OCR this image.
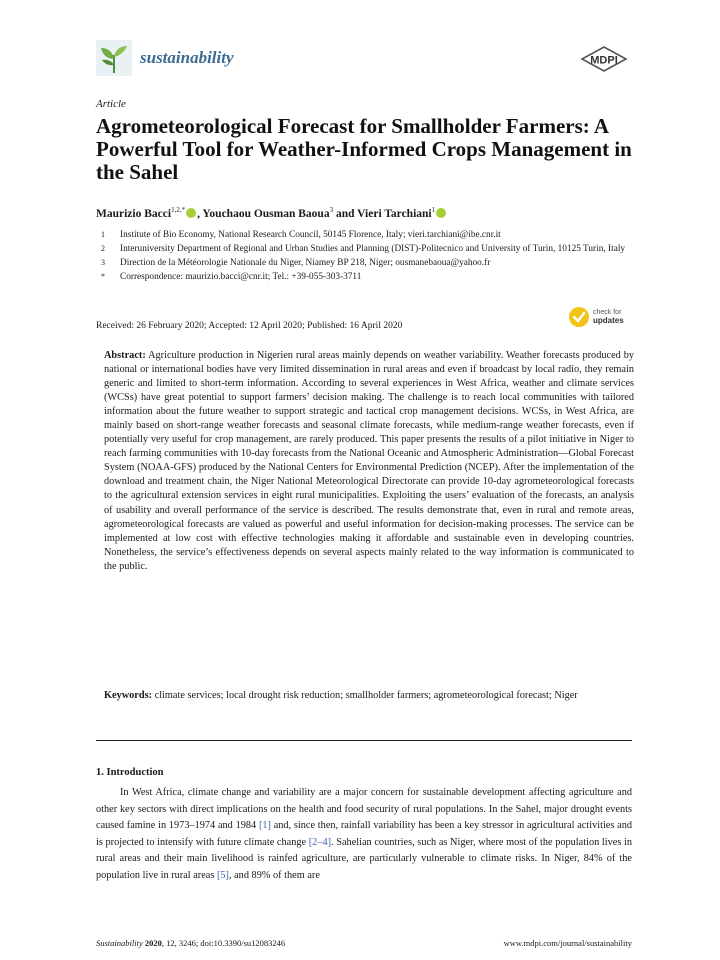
sustainability	MDPI
Article
Agrometeorological Forecast for Smallholder Farmers: A Powerful Tool for Weather-Informed Crops Management in the Sahel
Maurizio Bacci$^{1,2,*}$ , Youchaou Ousman Baoua$^3$ and Vieri Tarchiani$^1$
1	Institute of Bio Economy, National Research Council, 50145 Florence, Italy; vieri.tarchiani@ibe.cnr.it
2	Interuniversity Department of Regional and Urban Studies and Planning (DIST)-Politecnico and University of Turin, 10125 Turin, Italy
3	Direction de la Météorologie Nationale du Niger, Niamey BP 218, Niger; ousmanebaoua@yahoo.fr
*	Correspondence: maurizio.bacci@cnr.it; Tel.: +39-055-303-3711
Received: 26 February 2020; Accepted: 12 April 2020; Published: 16 April 2020
check for
updates

Abstract: Agriculture production in Nigerien rural areas mainly depends on weather variability. Weather forecasts produced by national or international bodies have very limited dissemination in rural areas and even if broadcast by local radio, they remain generic and limited to short-term information. According to several experiences in West Africa, weather and climate services (WCSs) have great potential to support farmers’ decision making. The challenge is to reach local communities with tailored information about the future weather to support strategic and tactical crop management decisions. WCSs, in West Africa, are mainly based on short-range weather forecasts and seasonal climate forecasts, while medium-range weather forecasts, even if potentially very useful for crop management, are rarely produced. This paper presents the results of a pilot initiative in Niger to reach farming communities with 10-day forecasts from the National Oceanic and Atmospheric Administration—Global Forecast System (NOAA-GFS) produced by the National Centers for Environmental Prediction (NCEP). After the implementation of the download and treatment chain, the Niger National Meteorological Directorate can provide 10-day agrometeorological forecasts to the agricultural extension services in eight rural municipalities. Exploiting the users’ evaluation of the forecasts, an analysis of usability and overall performance of the service is described. The results demonstrate that, even in rural and remote areas, agrometeorological forecasts are valued as powerful and useful information for decision-making processes. The service can be implemented at low cost with effective technologies making it affordable and sustainable even in developing countries. Nonetheless, the service’s effectiveness depends on several aspects mainly related to the way information is communicated to the public.

Keywords: climate services; local drought risk reduction; smallholder farmers; agrometeorological forecast; Niger

1. Introduction

In West Africa, climate change and variability are a major concern for sustainable development affecting agriculture and other key sectors with direct implications on the health and food security of rural populations. In the Sahel, major drought events caused famine in 1973–1974 and 1984 [1] and, since then, rainfall variability has been a key stressor in agricultural activities and is projected to intensify with future climate change [2–4]. Sahelian countries, such as Niger, where most of the population lives in rural areas and their main livelihood is rainfed agriculture, are particularly vulnerable to climate risks. In Niger, 84% of the population live in rural areas [5], and 89% of them are

Sustainability 2020, 12, 3246; doi:10.3390/su12083246	www.mdpi.com/journal/sustainability
